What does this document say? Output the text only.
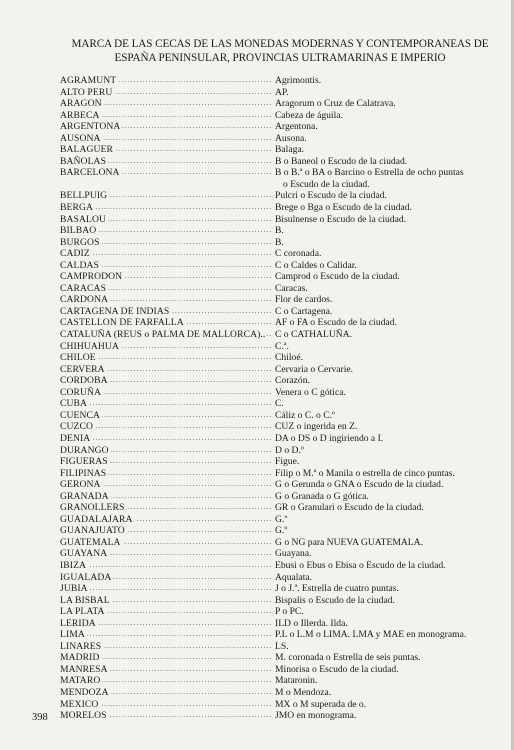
MARCA DE LAS CECAS DE LAS MONEDAS MODERNAS Y CONTEMPORANEAS DE
ESPAÑA PENINSULAR, PROVINCIAS ULTRAMARINAS E IMPERIO
AGRAMUNT .....	Agrimontis.
ALTO PERU .....	AP.
ARAGON .....	Aragorum o Cruz de Calatrava.
ARBECA .....	Cabeza de águila.
ARGENTONA .....	Argentona.
AUSONA .....	Ausona.
BALAGUER .....	Balaga.
BAÑOLAS .....	B o Baneol o Escudo de la ciudad.
BARCELONA .....	B o B.ª o BA o Barcino o Estrella de ocho puntas
o Escudo de la ciudad.
BELLPUIG .....	Pulcri o Escudo de la ciudad.
BERGA .....	Brege o Bga o Escudo de la ciudad.
BASALOU .....	Bisulnense o Escudo de la ciudad.
BILBAO .....	B.
BURGOS .....	B.
CADIZ .....	C coronada.
CALDAS .....	C o Caldes o Calidar.
CAMPRODON .....	Camprod o Escudo de la ciudad.
CARACAS .....	Caracas.
CARDONA .....	Flor de cardos.
CARTAGENA DE INDIAS .....	C o Cartagena.
CASTELLON DE FARFALLA .....	AF o FA o Escudo de la ciudad.
CATALUÑA (REUS o PALMA DE MALLORCA).. ..... C o CATHALUÑA.
CHIHUAHUA .....	C.ª.
CHILOE .....	Chiloé.
CERVERA .....	Cervaria o Cervarie.
CORDOBA .....	Corazón.
CORUÑA .....	Venera o C gótica.
CUBA .....	C.
CUENCA .....	Cáliz o C. o C.º
CUZCO .....	CUZ o ingerida en Z.
DENIA .....	DA o DS o D ingiriendo a I.
DURANGO .....	D o D.º
FIGUERAS .....	Figue.
FILIPINAS .....	Filip o M.ª o Manila o estrella de cinco puntas.
GERONA .....	G o Gerunda o GNA o Escudo de la ciudad.
GRANADA .....	G o Granada o G gótica.
GRANOLLERS .....	GR o Granulari o Escudo de la ciudad.
GUADALAJARA .....	G.ª
GUANAJUATO .....	G.º
GUATEMALA .....	G o NG para NUEVA GUATEMALA.
GUAYANA .....	Guayana.
IBIZA .....	Ebusi o Ebus o Ebisa o Escudo de la ciudad.
IGUALADA .....	Aqualata.
JUBIA .....	J o J.ª. Estrella de cuatro puntas.
LA BISBAL .....	Bispalis o Escudo de la ciudad.
LA PLATA .....	P o PC.
LERIDA .....	ILD o Illerda. Ilda.
LIMA .....	P.L o L.M o LIMA. LMA y MAE en monograma.
LINARES .....	LS.
MADRID .....	M. coronada o Estrella de seis puntas.
MANRESA .....	Minorisa o Escudo de la ciudad.
MATARO .....	Mataronin.
MENDOZA .....	M o Mendoza.
MEXICO .....	MX o M superada de o.
MORELOS .....	JMO en monograma.
398
